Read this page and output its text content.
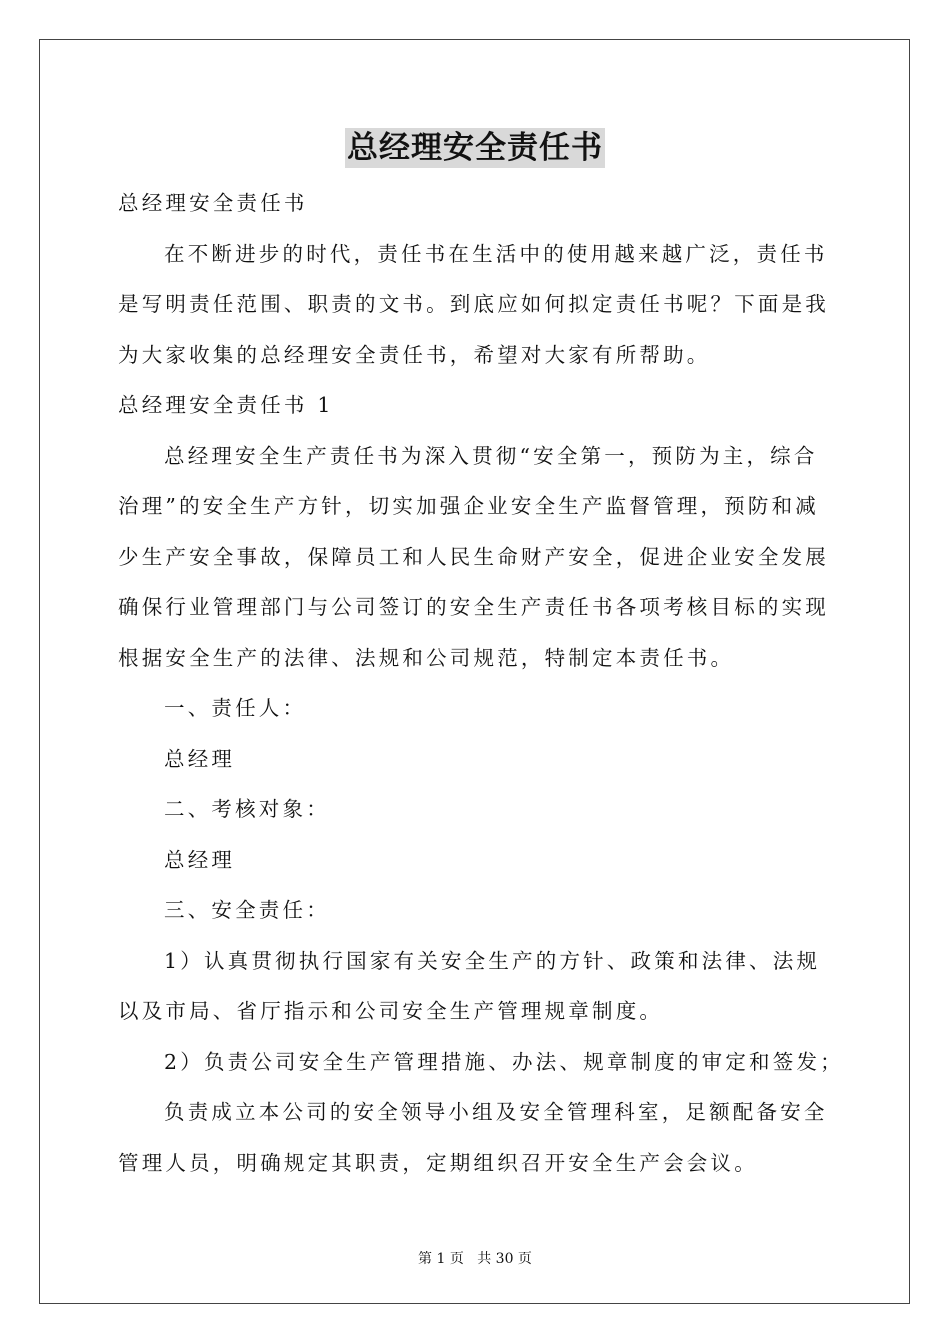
总经理安全责任书
总经理安全责任书
在不断进步的时代，责任书在生活中的使用越来越广泛，责任书
是写明责任范围、职责的文书。到底应如何拟定责任书呢？下面是我
为大家收集的总经理安全责任书，希望对大家有所帮助。
总经理安全责任书 1
总经理安全生产责任书为深入贯彻“安全第一，预防为主，综合
治理”的安全生产方针，切实加强企业安全生产监督管理，预防和减
少生产安全事故，保障员工和人民生命财产安全，促进企业安全发展
确保行业管理部门与公司签订的安全生产责任书各项考核目标的实现
根据安全生产的法律、法规和公司规范，特制定本责任书。
一、责任人：
总经理
二、考核对象：
总经理
三、安全责任：
1）认真贯彻执行国家有关安全生产的方针、政策和法律、法规
以及市局、省厅指示和公司安全生产管理规章制度。
2）负责公司安全生产管理措施、办法、规章制度的审定和签发；
负责成立本公司的安全领导小组及安全管理科室，足额配备安全
管理人员，明确规定其职责，定期组织召开安全生产会会议。
第 1 页 共 30 页
